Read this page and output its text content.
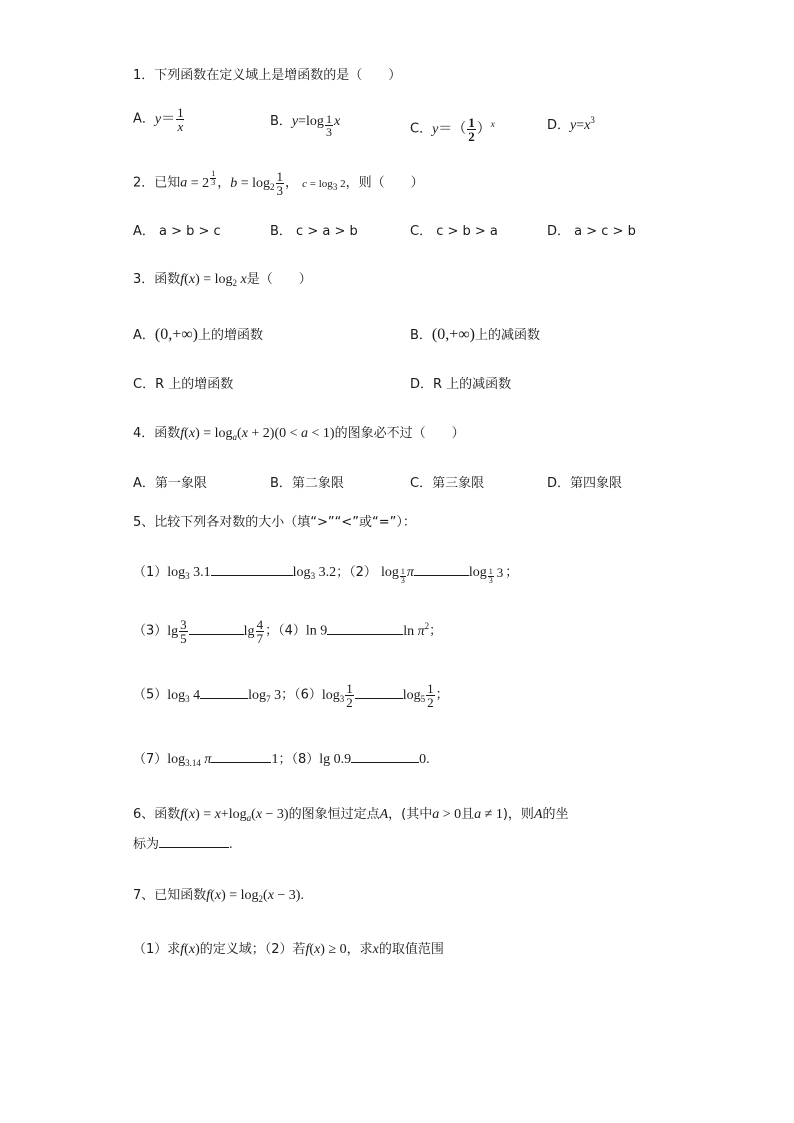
1．下列函数在定义域上是增函数的是（　　）
A．$y= \frac{1}{x}$	B．y=log $_{\frac{1}{3}}$ x
C．$y=( \frac{1}{2} )^x$	D．$y=x^3$
2．已知a = 2 $^{\frac{1}{3}}$ ，$b = \log_2 \frac{1}{3}$ ， $c = \log_3 2$，则（　　）
A． a > b > c	B． c > a > b	C． c > b > a	D． a > c > b
3．函数$f(x) = \log_2 x$是（　　）
A．(0,+∞)上的增函数	B．(0,+∞)上的减函数
C．R 上的增函数	D．R 上的减函数
4．函数$f(x) = \log_a(x + 2)(0 < a < 1)$的图象必不过（　　）
A．第一象限	B．第二象限	C．第三象限	D．第四象限
5、比较下列各对数的大小（填“>”“<”或“=”）：
$(1)\log_3$ 3.1	$\log_3 3.2$；（2） log $_{\frac{1}{3}}$ π	log $_{\frac{1}{3}}$ 3 ；
$(3)\lg \frac{3}{5}$	$\lg \frac{4}{7}$ ；（4）ln 9	$\ln \pi^2$；
$(5)\log_3$ 4	$\log_7 3$；$(6)\log_3 \frac{1}{2}$	$\log_5 \frac{1}{2}$ ；
$(7)\log_{3.14}$ π	1；（8）lg 0.9	0.
6、函数$f(x) = x+\log_a(x - 3)$的图象恒过定点A，(其中a > 0且a ≠ 1)，则A的坐
标为	.
7、已知函数$f(x) = \log_2(x - 3)$.
（1）求f(x)的定义域；（2）若f(x) ≥ 0，求x的取值范围
